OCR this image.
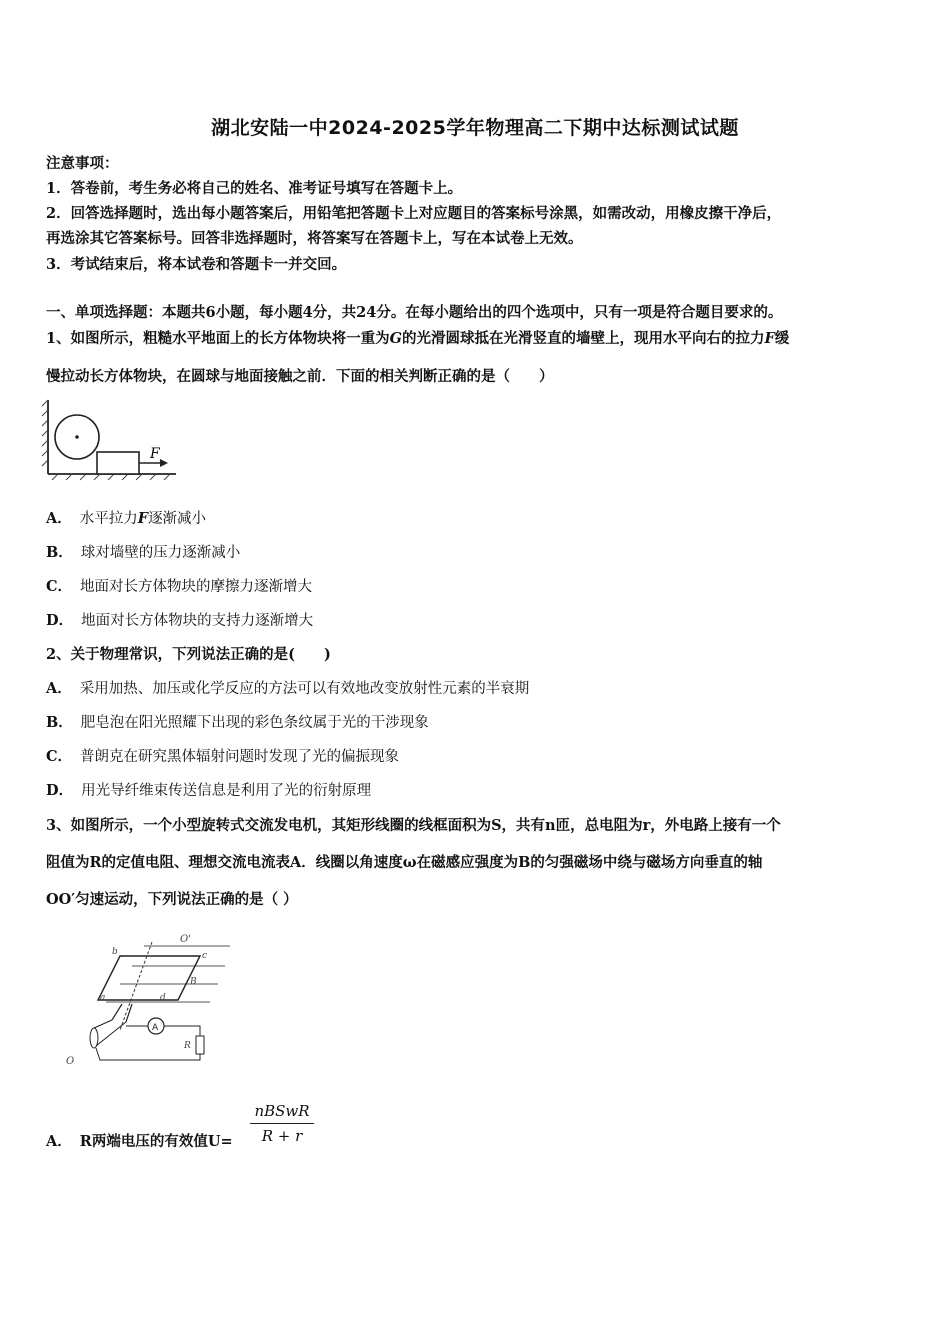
湖北安陆一中2024-2025学年物理高二下期中达标测试试题
注意事项：
1．答卷前，考生务必将自己的姓名、准考证号填写在答题卡上。
2．回答选择题时，选出每小题答案后，用铅笔把答题卡上对应题目的答案标号涂黑，如需改动，用橡皮擦干净后，
再选涂其它答案标号。回答非选择题时，将答案写在答题卡上，写在本试卷上无效。
3．考试结束后，将本试卷和答题卡一并交回。
一、单项选择题：本题共6小题，每小题4分，共24分。在每小题给出的四个选项中，只有一项是符合题目要求的。
1、如图所示，粗糙水平地面上的长方体物块将一重为G的光滑圆球抵在光滑竖直的墙壁上，现用水平向右的拉力F缓
慢拉动长方体物块，在圆球与地面接触之前．下面的相关判断正确的是（　　）
F
A． 水平拉力F逐渐减小
B． 球对墙壁的压力逐渐减小
C． 地面对长方体物块的摩擦力逐渐增大
D． 地面对长方体物块的支持力逐渐增大
2、关于物理常识，下列说法正确的是(　　)
A． 采用加热、加压或化学反应的方法可以有效地改变放射性元素的半衰期
B． 肥皂泡在阳光照耀下出现的彩色条纹属于光的干涉现象
C． 普朗克在研究黑体辐射问题时发现了光的偏振现象
D． 用光导纤维束传送信息是利用了光的衍射原理
3、如图所示，一个小型旋转式交流发电机，其矩形线圈的线框面积为S，共有n匝，总电阻为r，外电路上接有一个
阻值为R的定值电阻、理想交流电流表A．线圈以角速度ω在磁感应强度为B的匀强磁场中绕与磁场方向垂直的轴
OO′匀速运动，下列说法正确的是（ ）
O'
b	c
a	d
B
A
R
O
A． R两端电压的有效值U=
nBSwR
R + r
